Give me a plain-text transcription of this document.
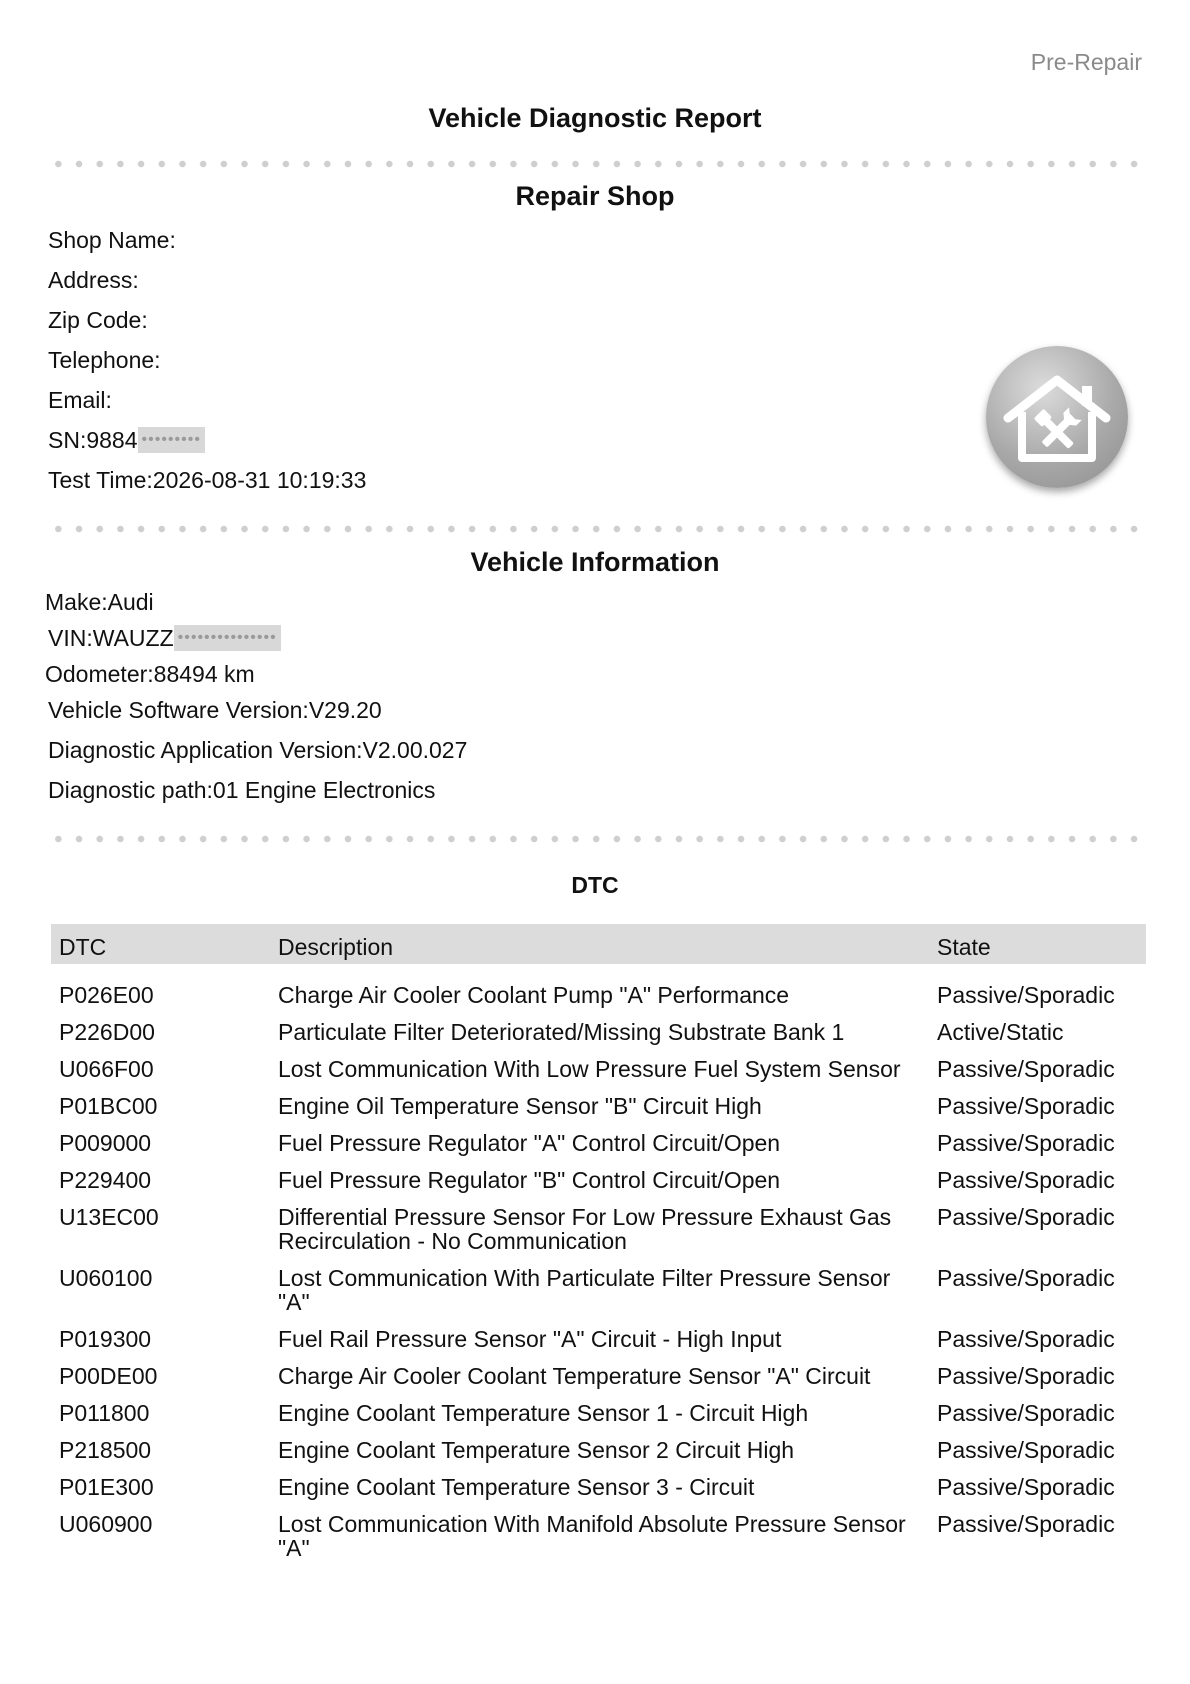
Pre-Repair
Vehicle Diagnostic Report
Repair Shop
Shop Name:
Address:
Zip Code:
Telephone:
Email:
SN:9884 •••••••••
Test Time:2026-08-31 10:19:33
Vehicle Information
Make:Audi
VIN:WAUZZ •••••••••••••••
Odometer:88494 km
Vehicle Software Version:V29.20
Diagnostic Application Version:V2.00.027
Diagnostic path:01 Engine Electronics
DTC
DTC	Description	State
P026E00	Charge Air Cooler Coolant Pump "A" Performance	Passive/Sporadic
P226D00	Particulate Filter Deteriorated/Missing Substrate Bank 1	Active/Static
U066F00	Lost Communication With Low Pressure Fuel System Sensor	Passive/Sporadic
P01BC00	Engine Oil Temperature Sensor "B" Circuit High	Passive/Sporadic
P009000	Fuel Pressure Regulator "A" Control Circuit/Open	Passive/Sporadic
P229400	Fuel Pressure Regulator "B" Control Circuit/Open	Passive/Sporadic
U13EC00	Differential Pressure Sensor For Low Pressure Exhaust Gas Recirculation - No Communication	Passive/Sporadic
U060100	Lost Communication With Particulate Filter Pressure Sensor "A"	Passive/Sporadic
P019300	Fuel Rail Pressure Sensor "A" Circuit - High Input	Passive/Sporadic
P00DE00	Charge Air Cooler Coolant Temperature Sensor "A" Circuit	Passive/Sporadic
P011800	Engine Coolant Temperature Sensor 1 - Circuit High	Passive/Sporadic
P218500	Engine Coolant Temperature Sensor 2 Circuit High	Passive/Sporadic
P01E300	Engine Coolant Temperature Sensor 3 - Circuit	Passive/Sporadic
U060900	Lost Communication With Manifold Absolute Pressure Sensor "A"	Passive/Sporadic
